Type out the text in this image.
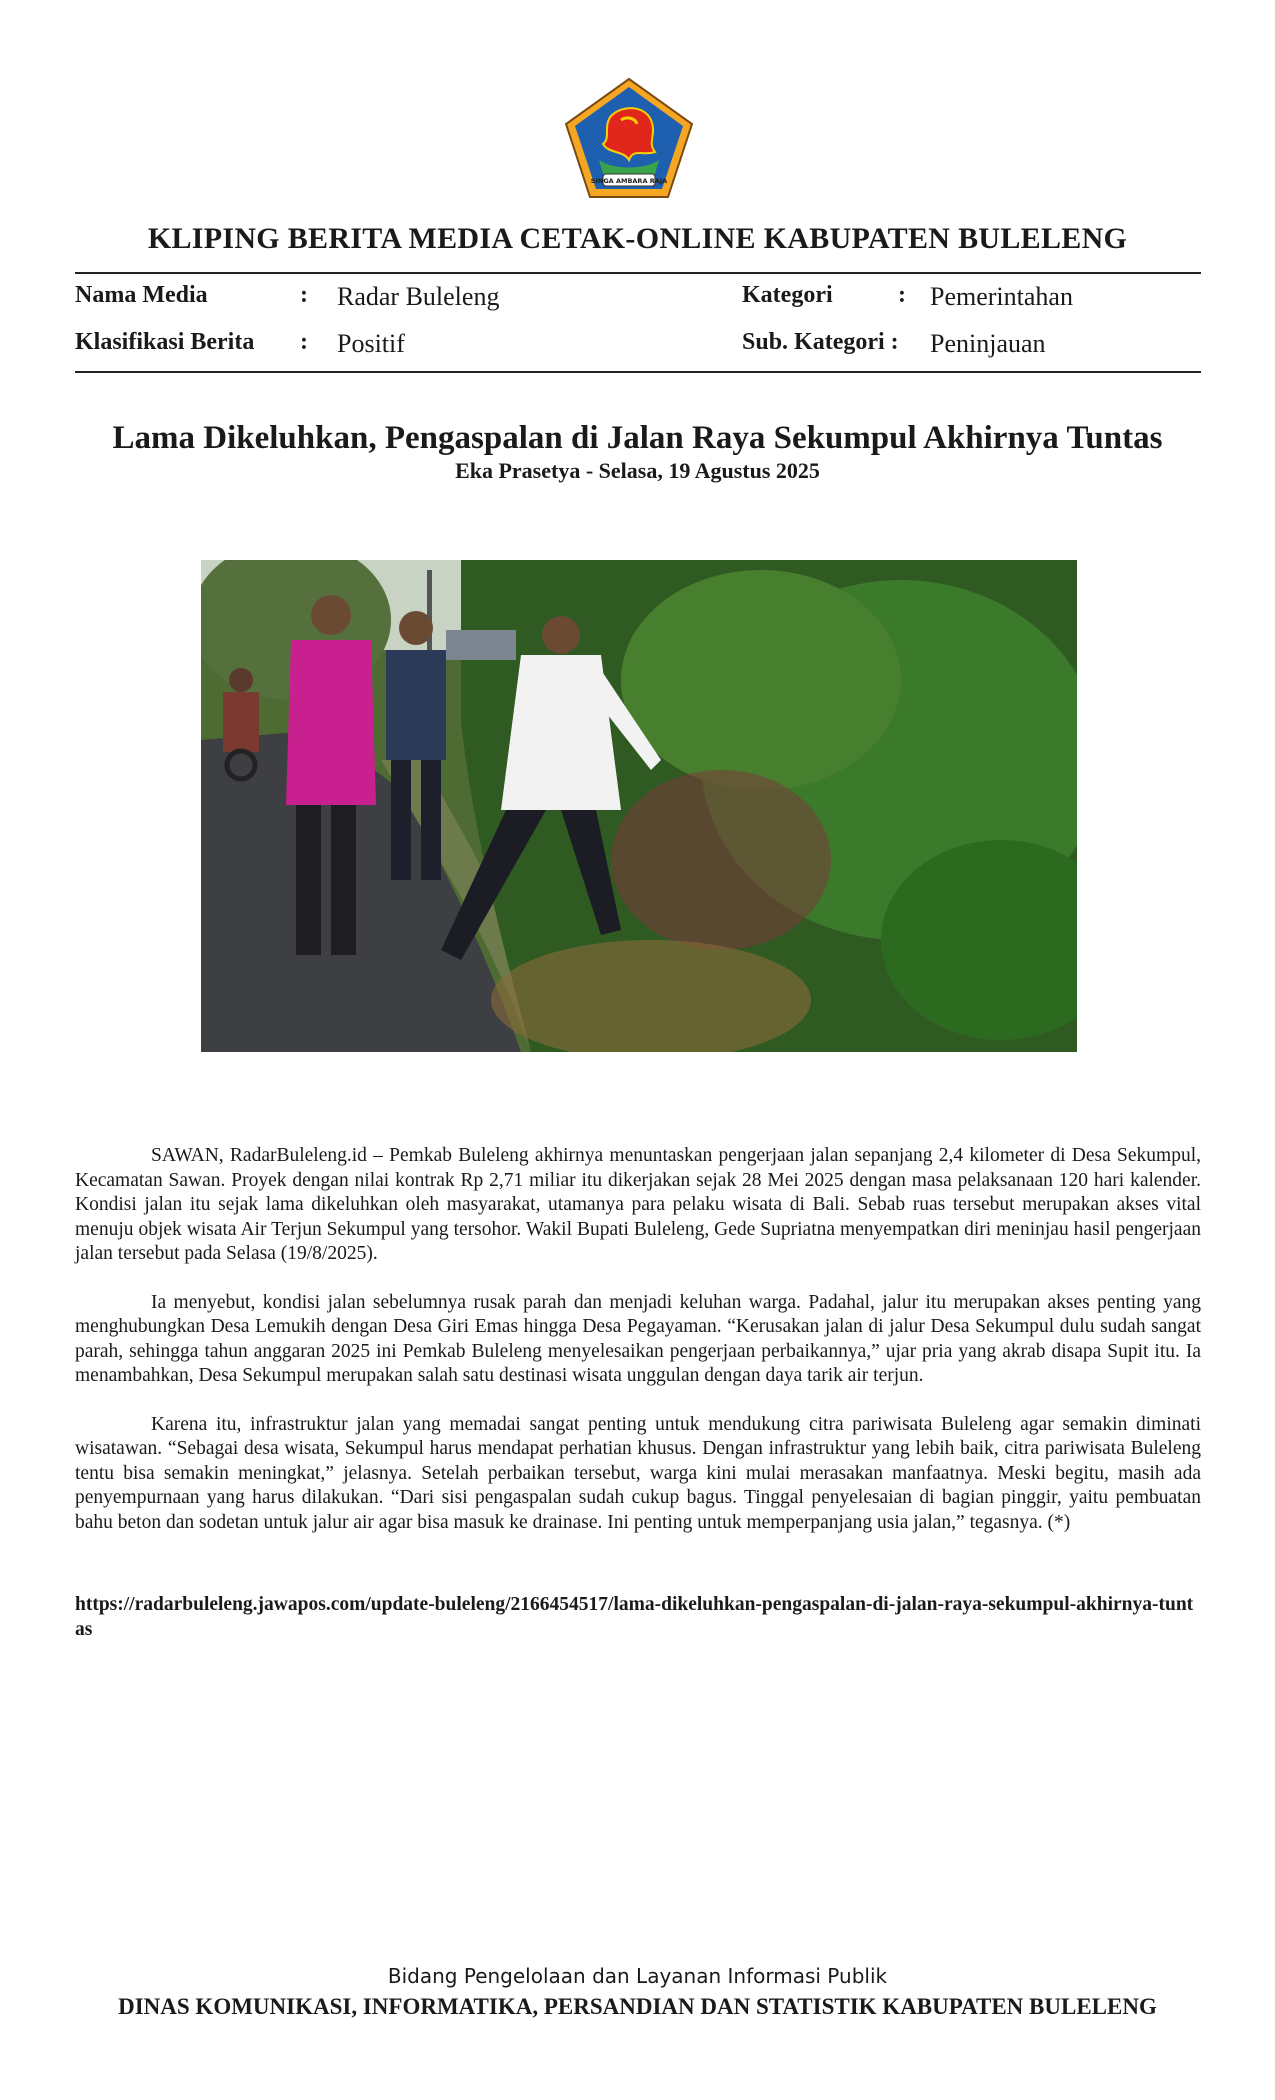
SINGA AMBARA RAJA
KLIPING BERITA MEDIA CETAK-ONLINE KABUPATEN BULELENG
Nama Media	: Radar Buleleng	Kategori	: Pemerintahan
Klasifikasi Berita : Positif	Sub. Kategori : Peninjauan
Lama Dikeluhkan, Pengaspalan di Jalan Raya Sekumpul Akhirnya Tuntas
Eka Prasetya - Selasa, 19 Agustus 2025

SAWAN, RadarBuleleng.id – Pemkab Buleleng akhirnya menuntaskan pengerjaan jalan sepanjang 2,4 kilometer di Desa Sekumpul, Kecamatan Sawan. Proyek dengan nilai kontrak Rp 2,71 miliar itu dikerjakan sejak 28 Mei 2025 dengan masa pelaksanaan 120 hari kalender. Kondisi jalan itu sejak lama dikeluhkan oleh masyarakat, utamanya para pelaku wisata di Bali. Sebab ruas tersebut merupakan akses vital menuju objek wisata Air Terjun Sekumpul yang tersohor. Wakil Bupati Buleleng, Gede Supriatna menyempatkan diri meninjau hasil pengerjaan jalan tersebut pada Selasa (19/8/2025).

Ia menyebut, kondisi jalan sebelumnya rusak parah dan menjadi keluhan warga. Padahal, jalur itu merupakan akses penting yang menghubungkan Desa Lemukih dengan Desa Giri Emas hingga Desa Pegayaman. “Kerusakan jalan di jalur Desa Sekumpul dulu sudah sangat parah, sehingga tahun anggaran 2025 ini Pemkab Buleleng menyelesaikan pengerjaan perbaikannya,” ujar pria yang akrab disapa Supit itu. Ia menambahkan, Desa Sekumpul merupakan salah satu destinasi wisata unggulan dengan daya tarik air terjun.

Karena itu, infrastruktur jalan yang memadai sangat penting untuk mendukung citra pariwisata Buleleng agar semakin diminati wisatawan. “Sebagai desa wisata, Sekumpul harus mendapat perhatian khusus. Dengan infrastruktur yang lebih baik, citra pariwisata Buleleng tentu bisa semakin meningkat,” jelasnya. Setelah perbaikan tersebut, warga kini mulai merasakan manfaatnya. Meski begitu, masih ada penyempurnaan yang harus dilakukan. “Dari sisi pengaspalan sudah cukup bagus. Tinggal penyelesaian di bagian pinggir, yaitu pembuatan bahu beton dan sodetan untuk jalur air agar bisa masuk ke drainase. Ini penting untuk memperpanjang usia jalan,” tegasnya. (*)

https://radarbuleleng.jawapos.com/update-buleleng/2166454517/lama-dikeluhkan-pengaspalan-di-jalan-raya-sekumpul-akhirnya-tuntas
Bidang Pengelolaan dan Layanan Informasi Publik
DINAS KOMUNIKASI, INFORMATIKA, PERSANDIAN DAN STATISTIK KABUPATEN BULELENG
